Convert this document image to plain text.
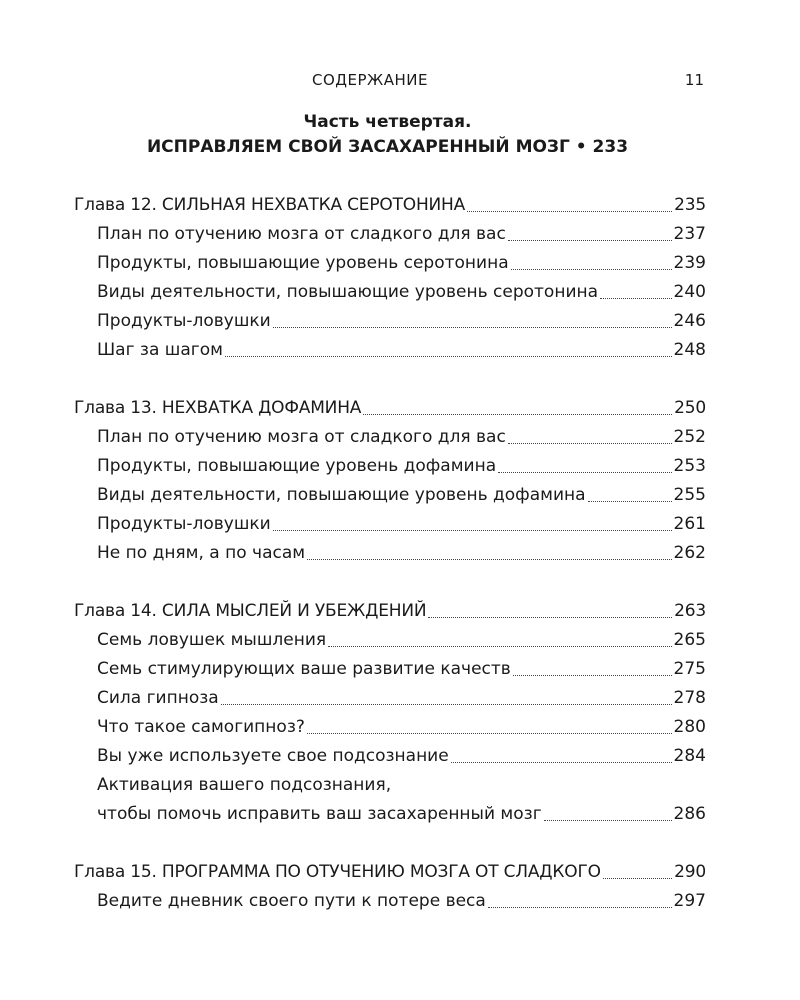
СОДЕРЖАНИЕ	11
Часть четвертая.
ИСПРАВЛЯЕМ СВОЙ ЗАСАХАРЕННЫЙ МОЗГ • 233
Глава 12. СИЛЬНАЯ НЕХВАТКА СЕРОТОНИНА	235
План по отучению мозга от сладкого для вас	237
Продукты, повышающие уровень серотонина	239
Виды деятельности, повышающие уровень серотонина	240
Продукты-ловушки	246
Шаг за шагом	248
Глава 13. НЕХВАТКА ДОФАМИНА	250
План по отучению мозга от сладкого для вас	252
Продукты, повышающие уровень дофамина	253
Виды деятельности, повышающие уровень дофамина	255
Продукты-ловушки	261
Не по дням, а по часам	262
Глава 14. СИЛА МЫСЛЕЙ И УБЕЖДЕНИЙ	263
Семь ловушек мышления	265
Семь стимулирующих ваше развитие качеств	275
Сила гипноза	278
Что такое самогипноз?	280
Вы уже используете свое подсознание	284
Активация вашего подсознания,
чтобы помочь исправить ваш засахаренный мозг	286
Глава 15. ПРОГРАММА ПО ОТУЧЕНИЮ МОЗГА ОТ СЛАДКОГО	290
Ведите дневник своего пути к потере веса	297
